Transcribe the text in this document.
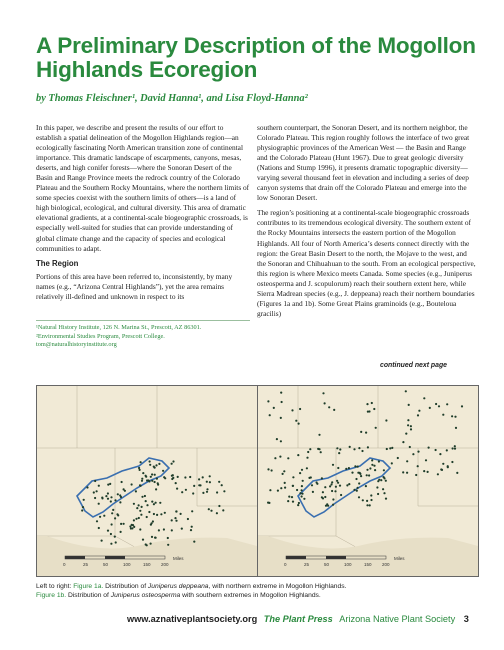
A Preliminary Description of the Mogollon Highlands Ecoregion
by Thomas Fleischner¹, David Hanna¹, and Lisa Floyd-Hanna²

In this paper, we describe and present the results of our effort to establish a spatial delineation of the Mogollon Highlands region—an ecologically fascinating North American transition zone of continental importance. This dramatic landscape of escarpments, canyons, mesas, deserts, and high conifer forests—where the Sonoran Desert of the Basin and Range Province meets the redrock country of the Colorado Plateau and the Southern Rocky Mountains, where the northern limits of some species coexist with the southern limits of others—is a land of high biological, ecological, and cultural diversity. This area of dramatic elevational gradients, at a continental-scale biogeographic crossroads, is especially well-suited for studies that can provide understanding of global climate change and the capacity of species and ecological communities to adapt.

The Region

Portions of this area have been referred to, inconsistently, by many names (e.g., “Arizona Central Highlands”), yet the area remains relatively ill-defined and unknown in respect to its

southern counterpart, the Sonoran Desert, and its northern neighbor, the Colorado Plateau. This region roughly follows the interface of two great physiographic provinces of the American West — the Basin and Range and the Colorado Plateau (Hunt 1967). Due to great geologic diversity (Nations and Stump 1996), it presents dramatic topographic diversity—varying several thousand feet in elevation and including a series of deep canyon systems that drain off the Colorado Plateau and emerge into the low Sonoran Desert.

The region’s positioning at a continental-scale biogeographic crossroads contributes to its tremendous ecological diversity. The southern extent of the Rocky Mountains intersects the eastern portion of the Mogollon Highlands. All four of North America’s deserts connect directly with the region: the Great Basin Desert to the north, the Mojave to the west, and the Sonoran and Chihuahuan to the south. From an ecological perspective, this region is where Mexico meets Canada. Some species (e.g., Juniperus osteosperma and J. scopulorum) reach their southern extent here, while Sierra Madrean species (e.g., J. deppeana) reach their northern boundaries (Figures 1a and 1b). Some Great Plains graminoids (e.g., Bouteloua gracilis)

¹Natural History Institute, 126 N. Marina St., Prescott, AZ 86301.
²Environmental Studies Program, Prescott College.
tom@naturalhistoryinstitute.org
continued next page
0	25	50	100	150 200
Miles
0	25	50	100	150 200
Miles
Left to right: Figure 1a. Distribution of Juniperus deppeana, with northern extreme in Mogollon Highlands.
Figure 1b. Distribution of Juniperus osteosperma with southern extremes in Mogollon Highlands.
www.aznativeplantsociety.org The Plant Press Arizona Native Plant Society 3
